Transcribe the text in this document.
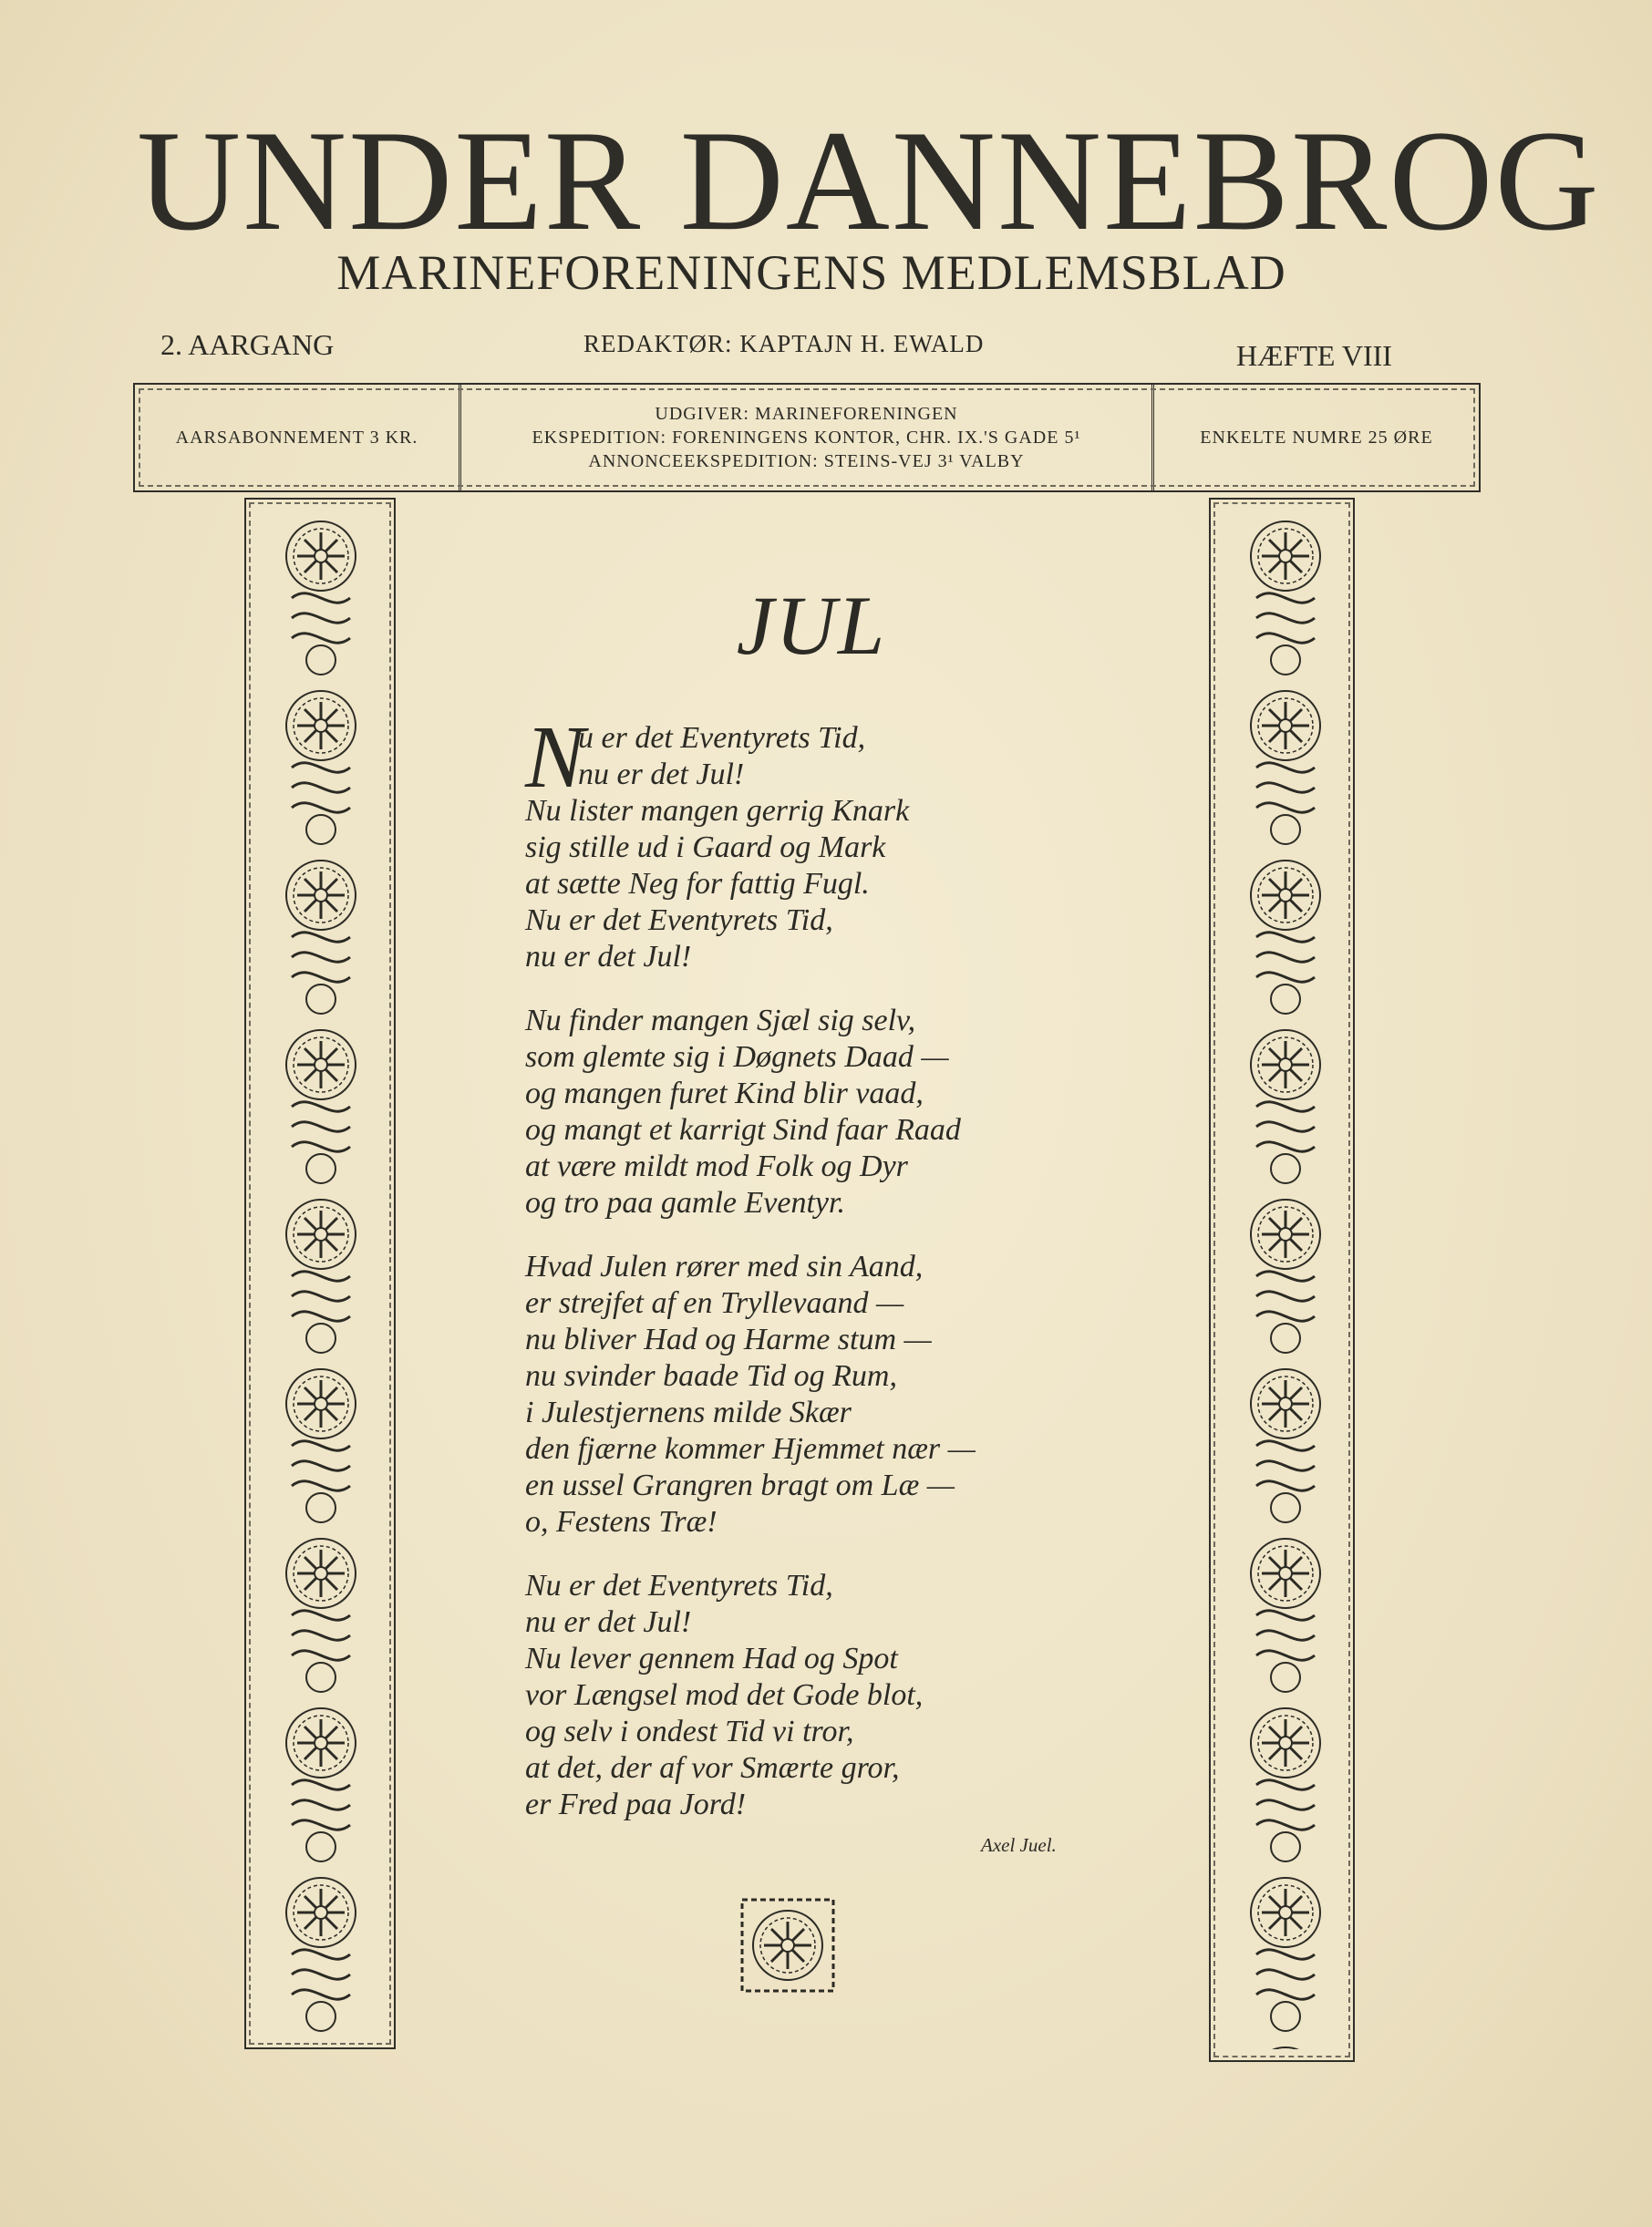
UNDER DANNEBROG
MARINEFORENINGENS MEDLEMSBLAD
2. AARGANG	REDAKTØR: KAPTAJN H. EWALD	HÆFTE VIII
AARSABONNEMENT 3 KR.
UDGIVER: MARINEFORENINGEN
EKSPEDITION: FORENINGENS KONTOR, CHR. IX.'S GADE 5¹
ANNONCEEKSPEDITION: STEINS-VEJ 3¹ VALBY
ENKELTE NUMRE 25 ØRE
JUL
N
u er det Eventyrets Tid,
nu er det Jul!
Nu lister mangen gerrig Knark
sig stille ud i Gaard og Mark
at sætte Neg for fattig Fugl.
Nu er det Eventyrets Tid,
nu er det Jul!
Nu finder mangen Sjæl sig selv,
som glemte sig i Døgnets Daad —
og mangen furet Kind blir vaad,
og mangt et karrigt Sind faar Raad
at være mildt mod Folk og Dyr
og tro paa gamle Eventyr.
Hvad Julen rører med sin Aand,
er strejfet af en Tryllevaand —
nu bliver Had og Harme stum —
nu svinder baade Tid og Rum,
i Julestjernens milde Skær
den fjærne kommer Hjemmet nær —
en ussel Grangren bragt om Læ —
o, Festens Træ!
Nu er det Eventyrets Tid,
nu er det Jul!
Nu lever gennem Had og Spot
vor Længsel mod det Gode blot,
og selv i ondest Tid vi tror,
at det, der af vor Smærte gror,
er Fred paa Jord!
Axel Juel.
